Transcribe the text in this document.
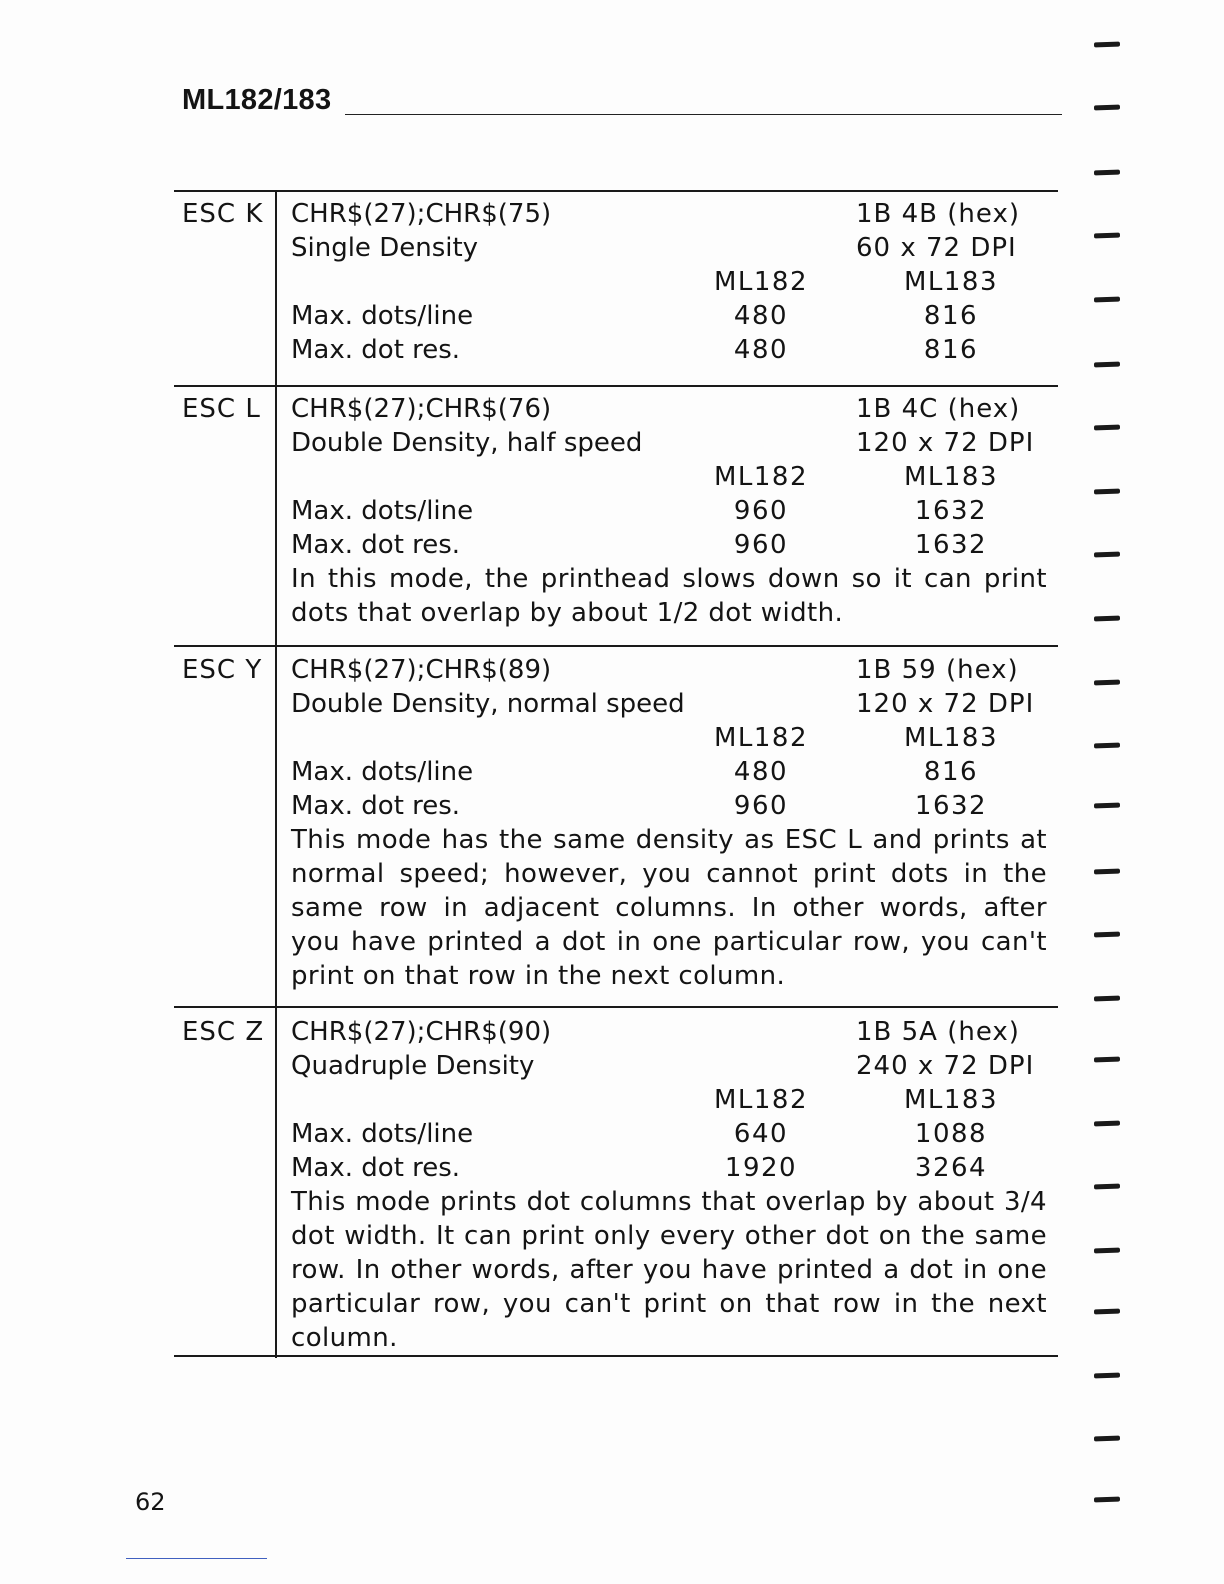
ML182/183
ESC K CHR$(27);CHR$(75)	1B 4B (hex)
Single Density	60 x 72 DPI
ML182	ML183
Max. dots/line	480	816
Max. dot res.	480	816
ESC L CHR$(27);CHR$(76)	1B 4C (hex)
Double Density, half speed	120 x 72 DPI
ML182	ML183
Max. dots/line	960	1632
Max. dot res.	960	1632
In this mode, the printhead slows down so it can print dots that overlap by about 1/2 dot width.
ESC Y CHR$(27);CHR$(89)	1B 59 (hex)
Double Density, normal speed	120 x 72 DPI
ML182	ML183
Max. dots/line	480	816
Max. dot res.	960	1632
This mode has the same density as ESC L and prints at normal speed; however, you cannot print dots in the same row in adjacent columns. In other words, after you have printed a dot in one particular row, you can't print on that row in the next column.
ESC Z CHR$(27);CHR$(90)	1B 5A (hex)
Quadruple Density	240 x 72 DPI
ML182	ML183
Max. dots/line	640	1088
Max. dot res.	1920	3264
This mode prints dot columns that overlap by about 3/4 dot width. It can print only every other dot on the same row. In other words, after you have printed a dot in one particular row, you can't print on that row in the next column.
62
